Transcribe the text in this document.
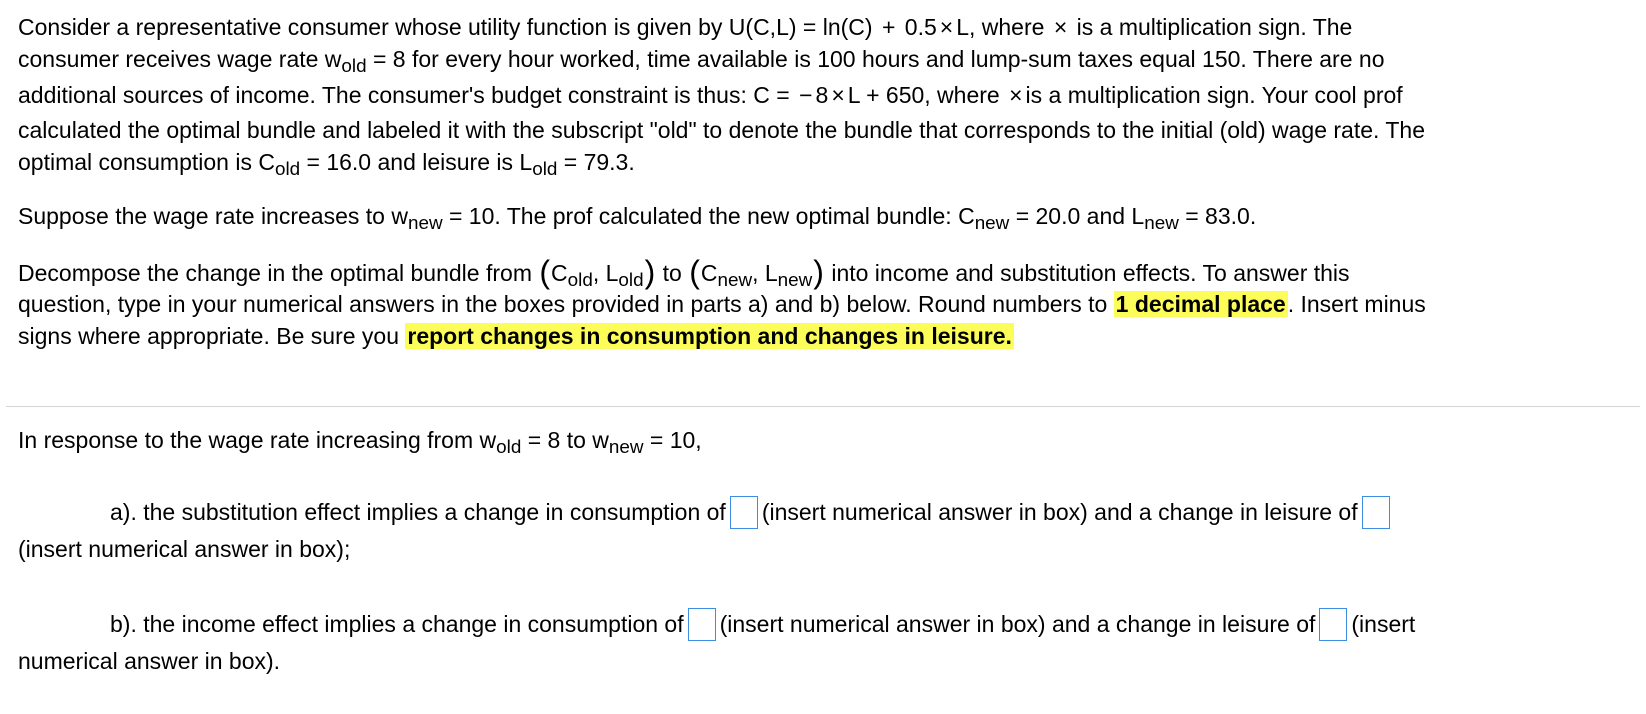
Consider a representative consumer whose utility function is given by U(C,L) = ln(C) + 0.5 × L, where × is a multiplication sign. The
consumer receives wage rate $w_{old} = 8$ for every hour worked, time available is 100 hours and lump-sum taxes equal 150. There are no
additional sources of income. The consumer's budget constraint is thus: C = − 8 × L + 650, where × is a multiplication sign. Your cool prof
calculated the optimal bundle and labeled it with the subscript "old" to denote the bundle that corresponds to the initial (old) wage rate. The
optimal consumption is $C_{old} = 16.0$ and leisure is $L_{old} = 79.3$.

Suppose the wage rate increases to $w_{new} = 10$. The prof calculated the new optimal bundle: $C_{new} = 20.0$ and $L_{new} = 83.0$.

Decompose the change in the optimal bundle from ($C_{old}$, $L_{old}$) to ($C_{new}$, $L_{new}$) into income and substitution effects. To answer this
question, type in your numerical answers in the boxes provided in parts a) and b) below. Round numbers to 1 decimal place. Insert minus
signs where appropriate. Be sure you report changes in consumption and changes in leisure.

In response to the wage rate increasing from $w_{old} = 8$ to $w_{new} = 10$,

a). the substitution effect implies a change in consumption of (insert numerical answer in box) and a change in leisure of
(insert numerical answer in box);

b). the income effect implies a change in consumption of (insert numerical answer in box) and a change in leisure of (insert
numerical answer in box).
